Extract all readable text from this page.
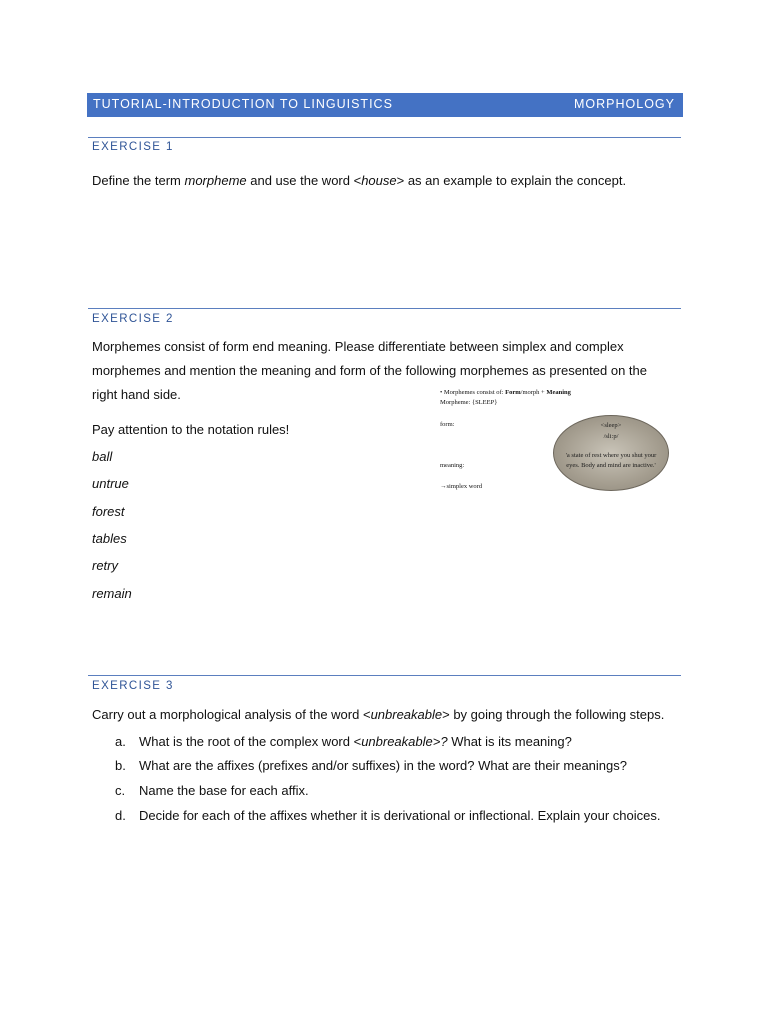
TUTORIAL-INTRODUCTION TO LINGUISTICS	MORPHOLOGY
EXERCISE 1
Define the term morpheme and use the word <house> as an example to explain the concept.
EXERCISE 2
Morphemes consist of form end meaning. Please differentiate between simplex and complex
morphemes and mention the meaning and form of the following morphemes as presented on the
right hand side.
Pay attention to the notation rules!
ball
untrue
forest
tables
retry
remain
• Morphemes consist of: Form/morph + Meaning
Morpheme: {SLEEP}
form:
meaning:
→simplex word
<sleep>
/sli:p/
'a state of rest where you shut your
eyes. Body and mind are inactive.'
EXERCISE 3
Carry out a morphological analysis of the word <unbreakable> by going through the following steps.
a. What is the root of the complex word <unbreakable>? What is its meaning?
b. What are the affixes (prefixes and/or suffixes) in the word? What are their meanings?
c. Name the base for each affix.
d. Decide for each of the affixes whether it is derivational or inflectional. Explain your choices.
